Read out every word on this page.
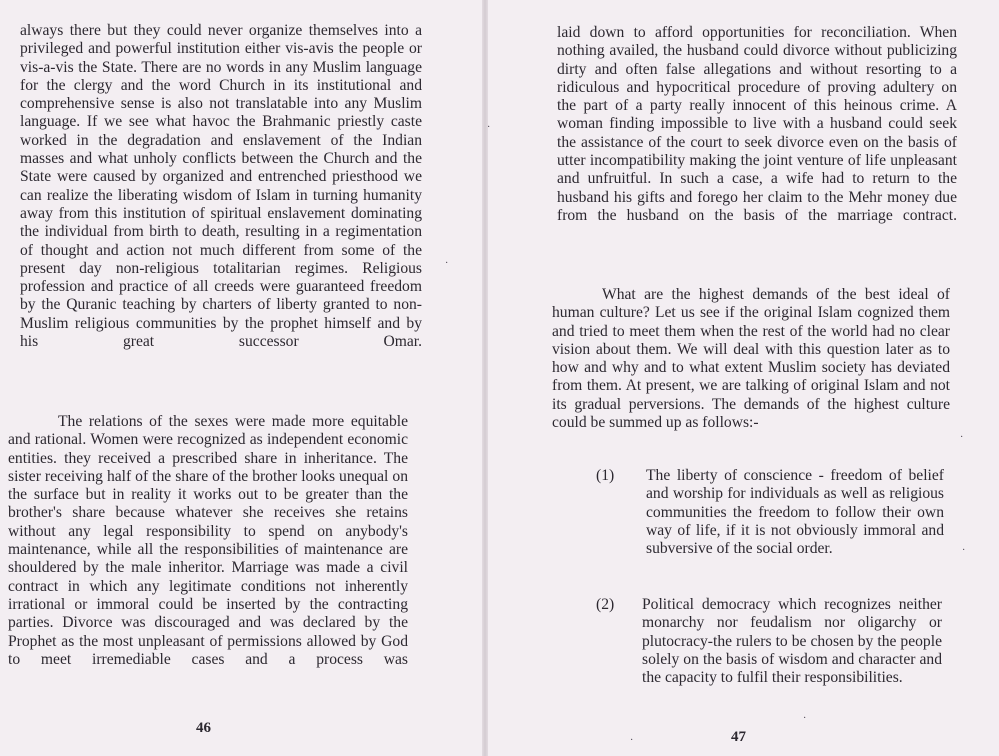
always there but they could never organize themselves into a privileged and powerful institution either vis-avis the people or vis-a-vis the State. There are no words in any Muslim language for the clergy and the word Church in its institutional and comprehensive sense is also not translatable into any Muslim language. If we see what havoc the Brahmanic priestly caste worked in the degradation and enslavement of the Indian masses and what unholy conflicts between the Church and the State were caused by organized and entrenched priesthood we can realize the liberating wisdom of Islam in turning humanity away from this institution of spiritual enslavement dominating the individual from birth to death, resulting in a regimentation of thought and action not much different from some of the present day non-religious totalitarian regimes. Religious profession and practice of all creeds were guaranteed freedom by the Quranic teaching by charters of liberty granted to non-Muslim religious communities by the prophet himself and by his great successor Omar.

The relations of the sexes were made more equitable and rational. Women were recognized as independent economic entities. they received a prescribed share in inheritance. The sister receiving half of the share of the brother looks unequal on the surface but in reality it works out to be greater than the brother's share because whatever she receives she retains without any legal responsibility to spend on anybody's maintenance, while all the responsibilities of maintenance are shouldered by the male inheritor. Marriage was made a civil contract in which any legitimate conditions not inherently irrational or immoral could be inserted by the contracting parties. Divorce was discouraged and was declared by the Prophet as the most unpleasant of permissions allowed by God to meet irremediable cases and a process was

46

laid down to afford opportunities for reconciliation. When nothing availed, the husband could divorce without publicizing dirty and often false allegations and without resorting to a ridiculous and hypocritical procedure of proving adultery on the part of a party really innocent of this heinous crime. A woman finding impossible to live with a husband could seek the assistance of the court to seek divorce even on the basis of utter incompatibility making the joint venture of life unpleasant and unfruitful. In such a case, a wife had to return to the husband his gifts and forego her claim to the Mehr money due from the husband on the basis of the marriage contract.

What are the highest demands of the best ideal of human culture? Let us see if the original Islam cognized them and tried to meet them when the rest of the world had no clear vision about them. We will deal with this question later as to how and why and to what extent Muslim society has deviated from them. At present, we are talking of original Islam and not its gradual perversions. The demands of the highest culture could be summed up as follows:-

(1) The liberty of conscience - freedom of belief and worship for individuals as well as religious communities the freedom to follow their own way of life, if it is not obviously immoral and subversive of the social order.

(2) Political democracy which recognizes neither monarchy nor feudalism nor oligarchy or plutocracy-the rulers to be chosen by the people solely on the basis of wisdom and character and the capacity to fulfil their responsibilities.

47
·
·
·
·
·
·
